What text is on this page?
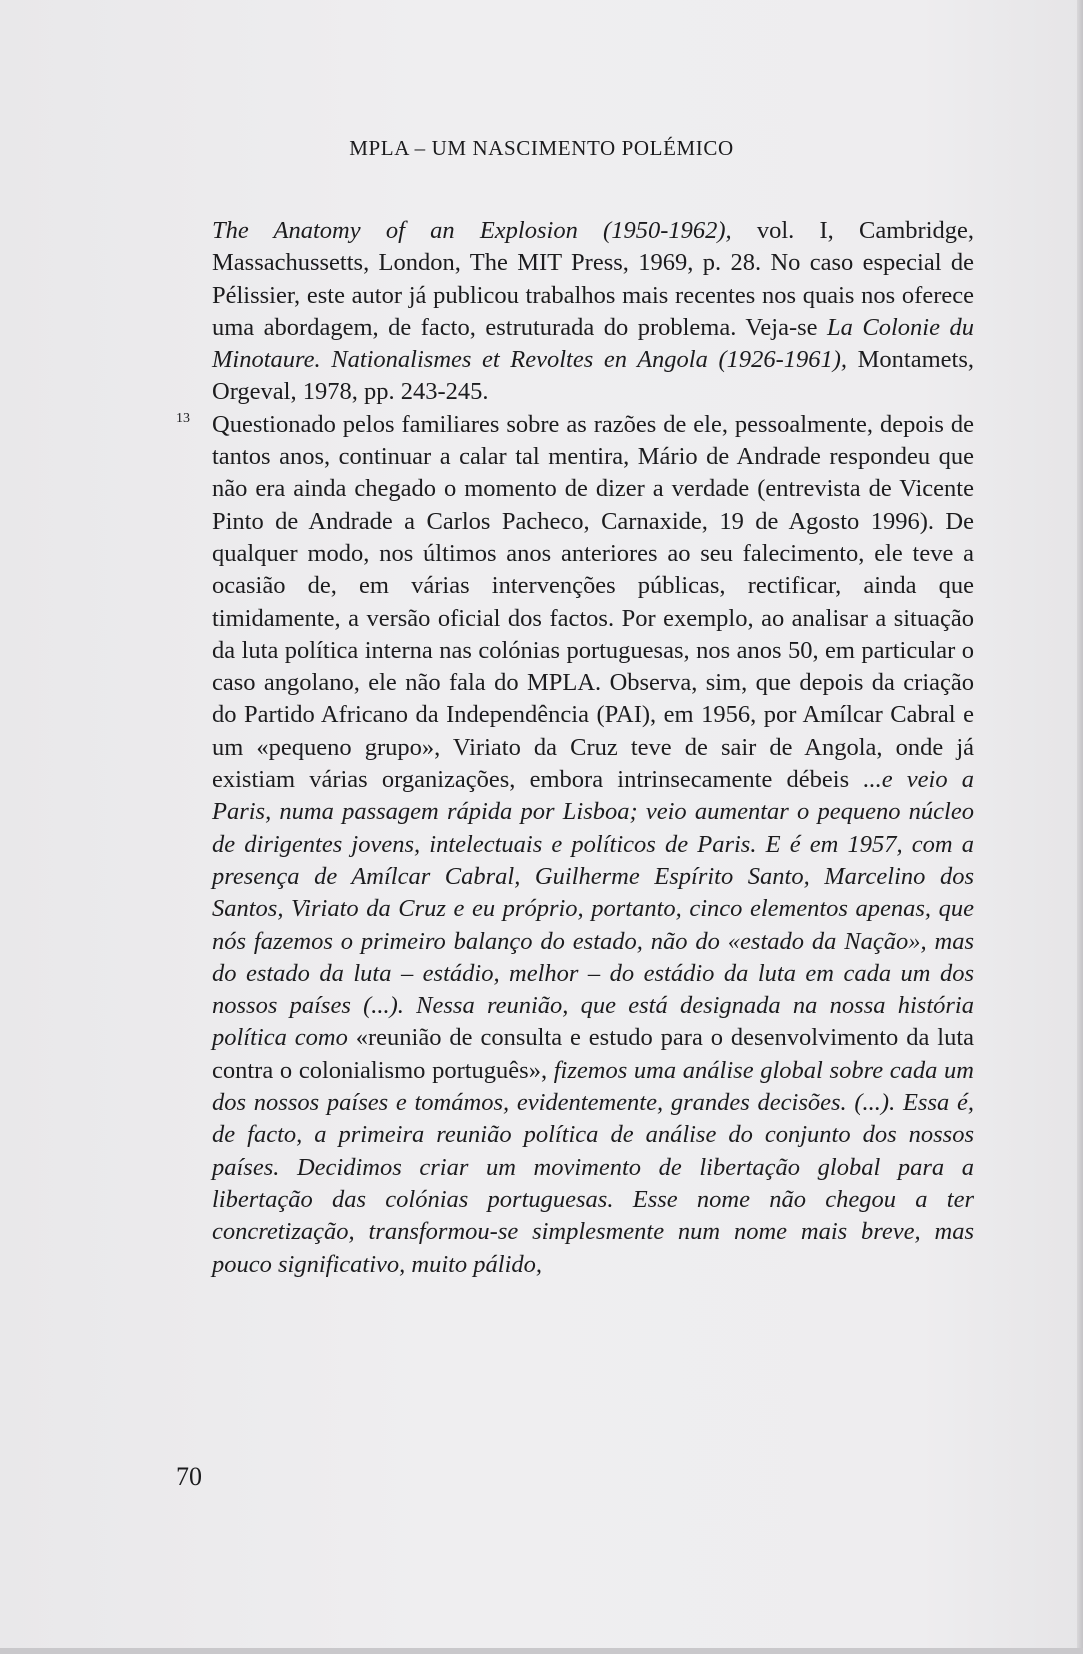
MPLA – UM NASCIMENTO POLÉMICO

The Anatomy of an Explosion (1950-1962), vol. I, Cambridge, Massachussetts, London, The MIT Press, 1969, p. 28. No caso especial de Pélissier, este autor já publicou trabalhos mais recentes nos quais nos oferece uma abordagem, de facto, estruturada do problema. Veja-se La Colonie du Minotaure. Nationalismes et Revoltes en Angola (1926-1961), Montamets, Orgeval, 1978, pp. 243-245.

13 Questionado pelos familiares sobre as razões de ele, pessoalmente, depois de tantos anos, continuar a calar tal mentira, Mário de Andrade respondeu que não era ainda chegado o momento de dizer a verdade (entrevista de Vicente Pinto de Andrade a Carlos Pacheco, Carnaxide, 19 de Agosto 1996). De qualquer modo, nos últimos anos anteriores ao seu falecimento, ele teve a ocasião de, em várias intervenções públicas, rectificar, ainda que timidamente, a versão oficial dos factos. Por exemplo, ao analisar a situação da luta política interna nas colónias portuguesas, nos anos 50, em particular o caso angolano, ele não fala do MPLA. Observa, sim, que depois da criação do Partido Africano da Independência (PAI), em 1956, por Amílcar Cabral e um «pequeno grupo», Viriato da Cruz teve de sair de Angola, onde já existiam várias organizações, embora intrinsecamente débeis ...e veio a Paris, numa passagem rápida por Lisboa; veio aumentar o pequeno núcleo de dirigentes jovens, intelectuais e políticos de Paris. E é em 1957, com a presença de Amílcar Cabral, Guilherme Espírito Santo, Marcelino dos Santos, Viriato da Cruz e eu próprio, portanto, cinco elementos apenas, que nós fazemos o primeiro balanço do estado, não do «estado da Nação», mas do estado da luta – estádio, melhor – do estádio da luta em cada um dos nossos países (...). Nessa reunião, que está designada na nossa história política como «reunião de consulta e estudo para o desenvolvimento da luta contra o colonialismo português», fizemos uma análise global sobre cada um dos nossos países e tomámos, evidentemente, grandes decisões. (...). Essa é, de facto, a primeira reunião política de análise do conjunto dos nossos países. Decidimos criar um movimento de libertação global para a libertação das colónias portuguesas. Esse nome não chegou a ter concretização, transformou-se simplesmente num nome mais breve, mas pouco significativo, muito pálido,

70
